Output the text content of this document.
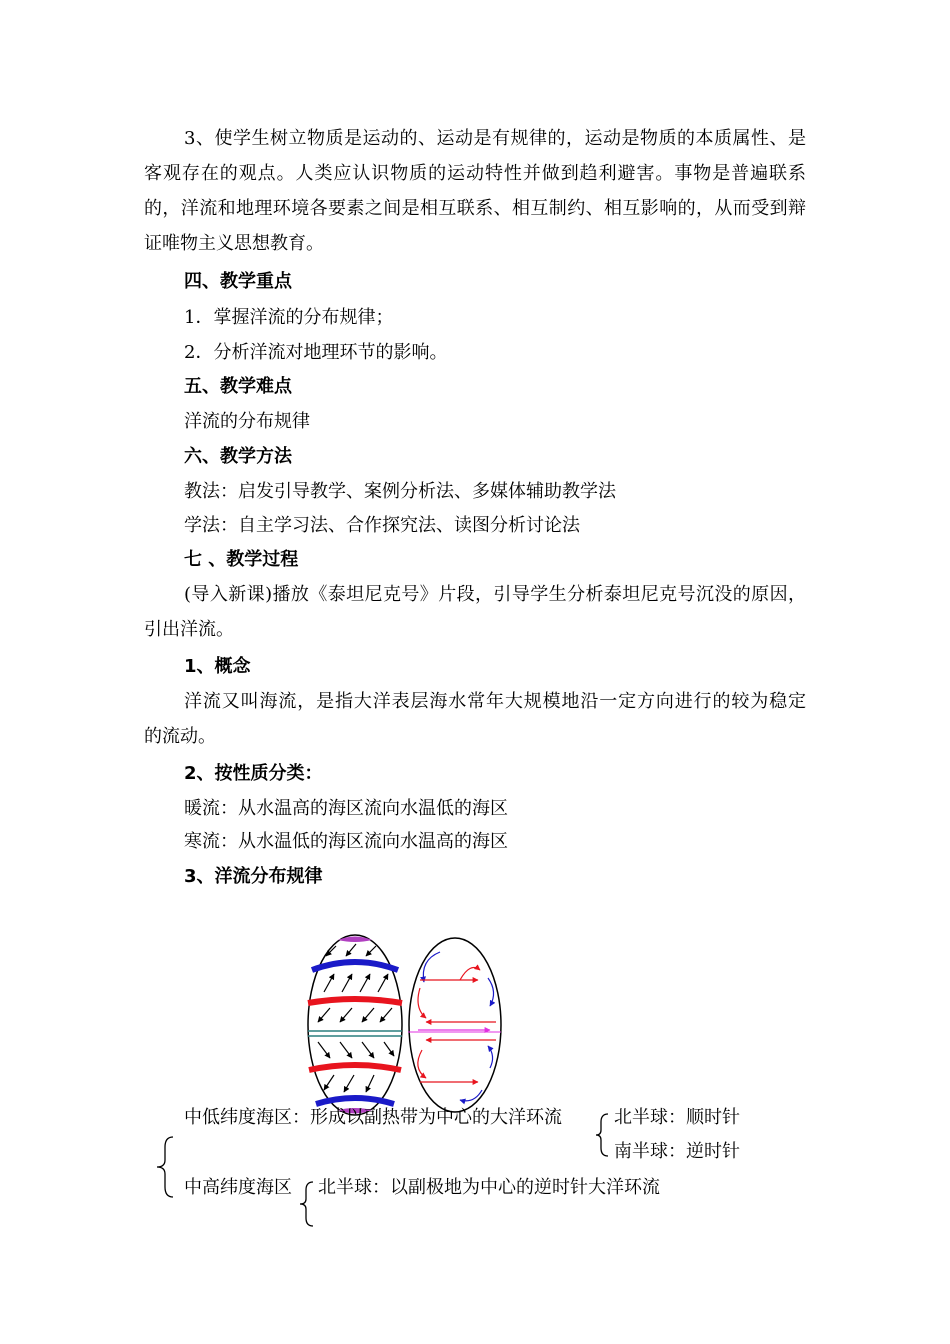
3、使学生树立物质是运动的、运动是有规律的，运动是物质的本质属性、是
客观存在的观点。人类应认识物质的运动特性并做到趋利避害。事物是普遍联系
的，洋流和地理环境各要素之间是相互联系、相互制约、相互影响的，从而受到辩
证唯物主义思想教育。
四、教学重点
1．掌握洋流的分布规律；
2．分析洋流对地理环节的影响。
五、教学难点
洋流的分布规律
六、教学方法
教法：启发引导教学、案例分析法、多媒体辅助教学法
学法：自主学习法、合作探究法、读图分析讨论法
七 、教学过程
(导入新课)播放《泰坦尼克号》片段，引导学生分析泰坦尼克号沉没的原因，
引出洋流。
1、概念
洋流又叫海流，是指大洋表层海水常年大规模地沿一定方向进行的较为稳定
的流动。
2、按性质分类：
暖流：从水温高的海区流向水温低的海区
寒流：从水温低的海区流向水温高的海区
3、洋流分布规律
中低纬度海区：形成以副热带为中心的大洋环流	北半球：顺时针
南半球：逆时针
中高纬度海区 北半球：以副极地为中心的逆时针大洋环流
